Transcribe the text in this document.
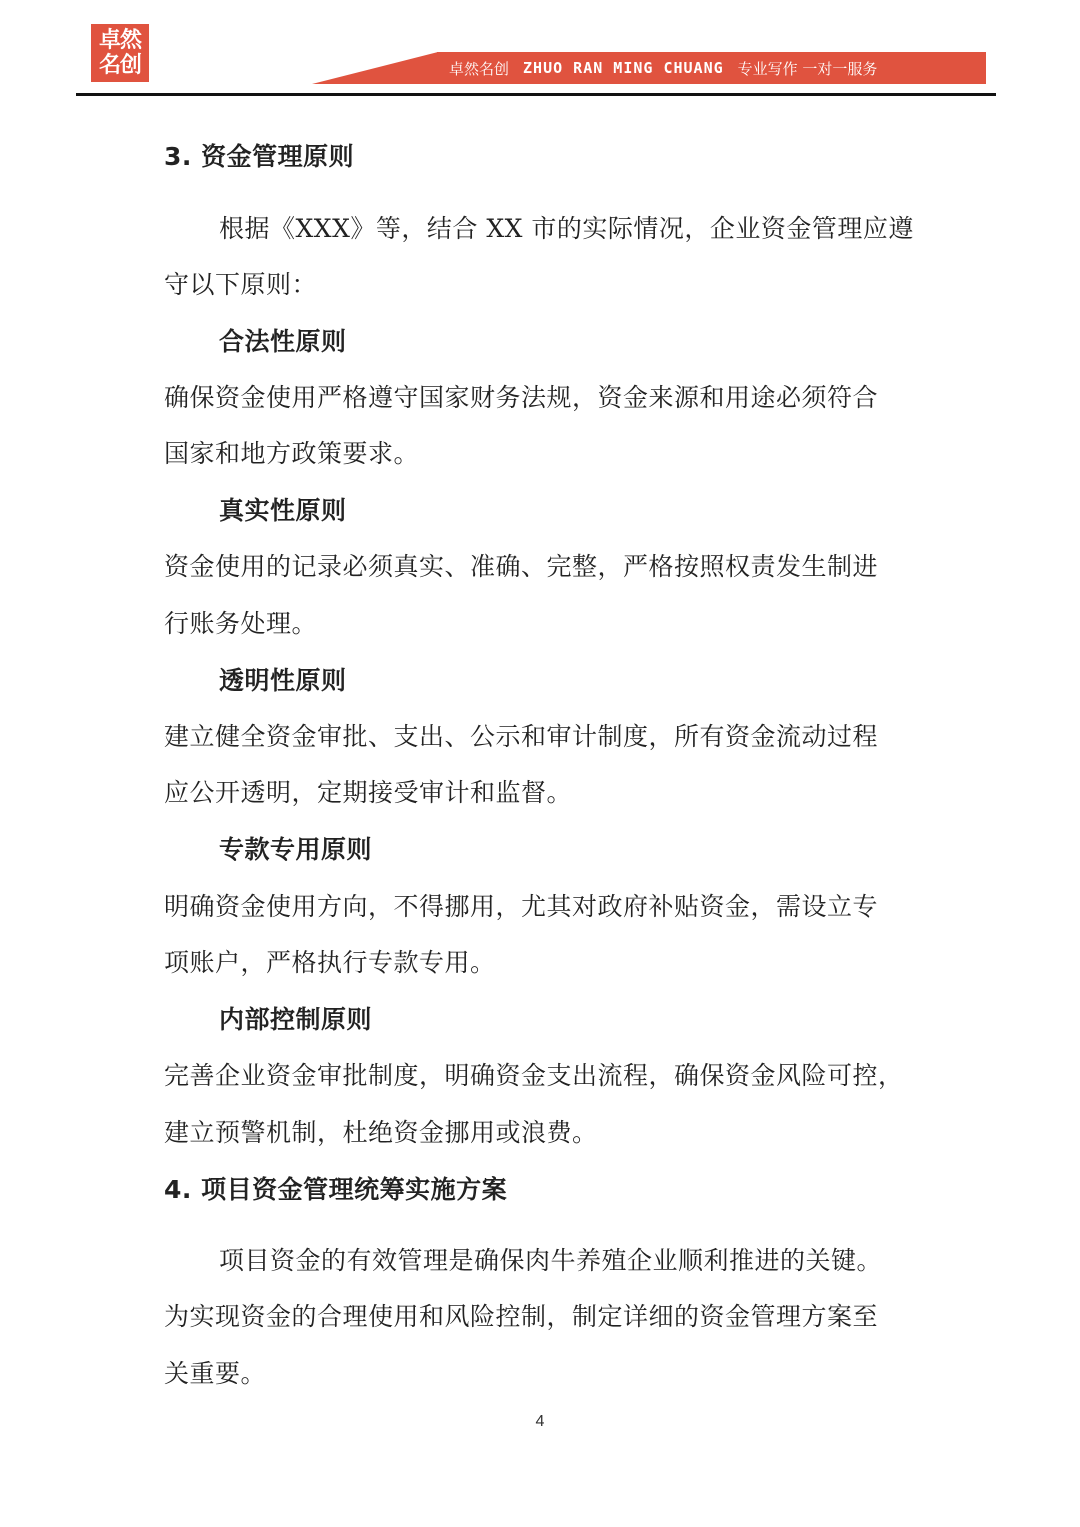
卓然
名创	卓然名创 ZHUO RAN MING CHUANG 专业写作 一对一服务
3. 资金管理原则
根据《XXX》等，结合 XX 市的实际情况，企业资金管理应遵
守以下原则：
合法性原则
确保资金使用严格遵守国家财务法规，资金来源和用途必须符合
国家和地方政策要求。
真实性原则
资金使用的记录必须真实、准确、完整，严格按照权责发生制进
行账务处理。
透明性原则
建立健全资金审批、支出、公示和审计制度，所有资金流动过程
应公开透明，定期接受审计和监督。
专款专用原则
明确资金使用方向，不得挪用，尤其对政府补贴资金，需设立专
项账户，严格执行专款专用。
内部控制原则
完善企业资金审批制度，明确资金支出流程，确保资金风险可控，
建立预警机制，杜绝资金挪用或浪费。
4. 项目资金管理统筹实施方案
项目资金的有效管理是确保肉牛养殖企业顺利推进的关键。
为实现资金的合理使用和风险控制，制定详细的资金管理方案至
关重要。
4
